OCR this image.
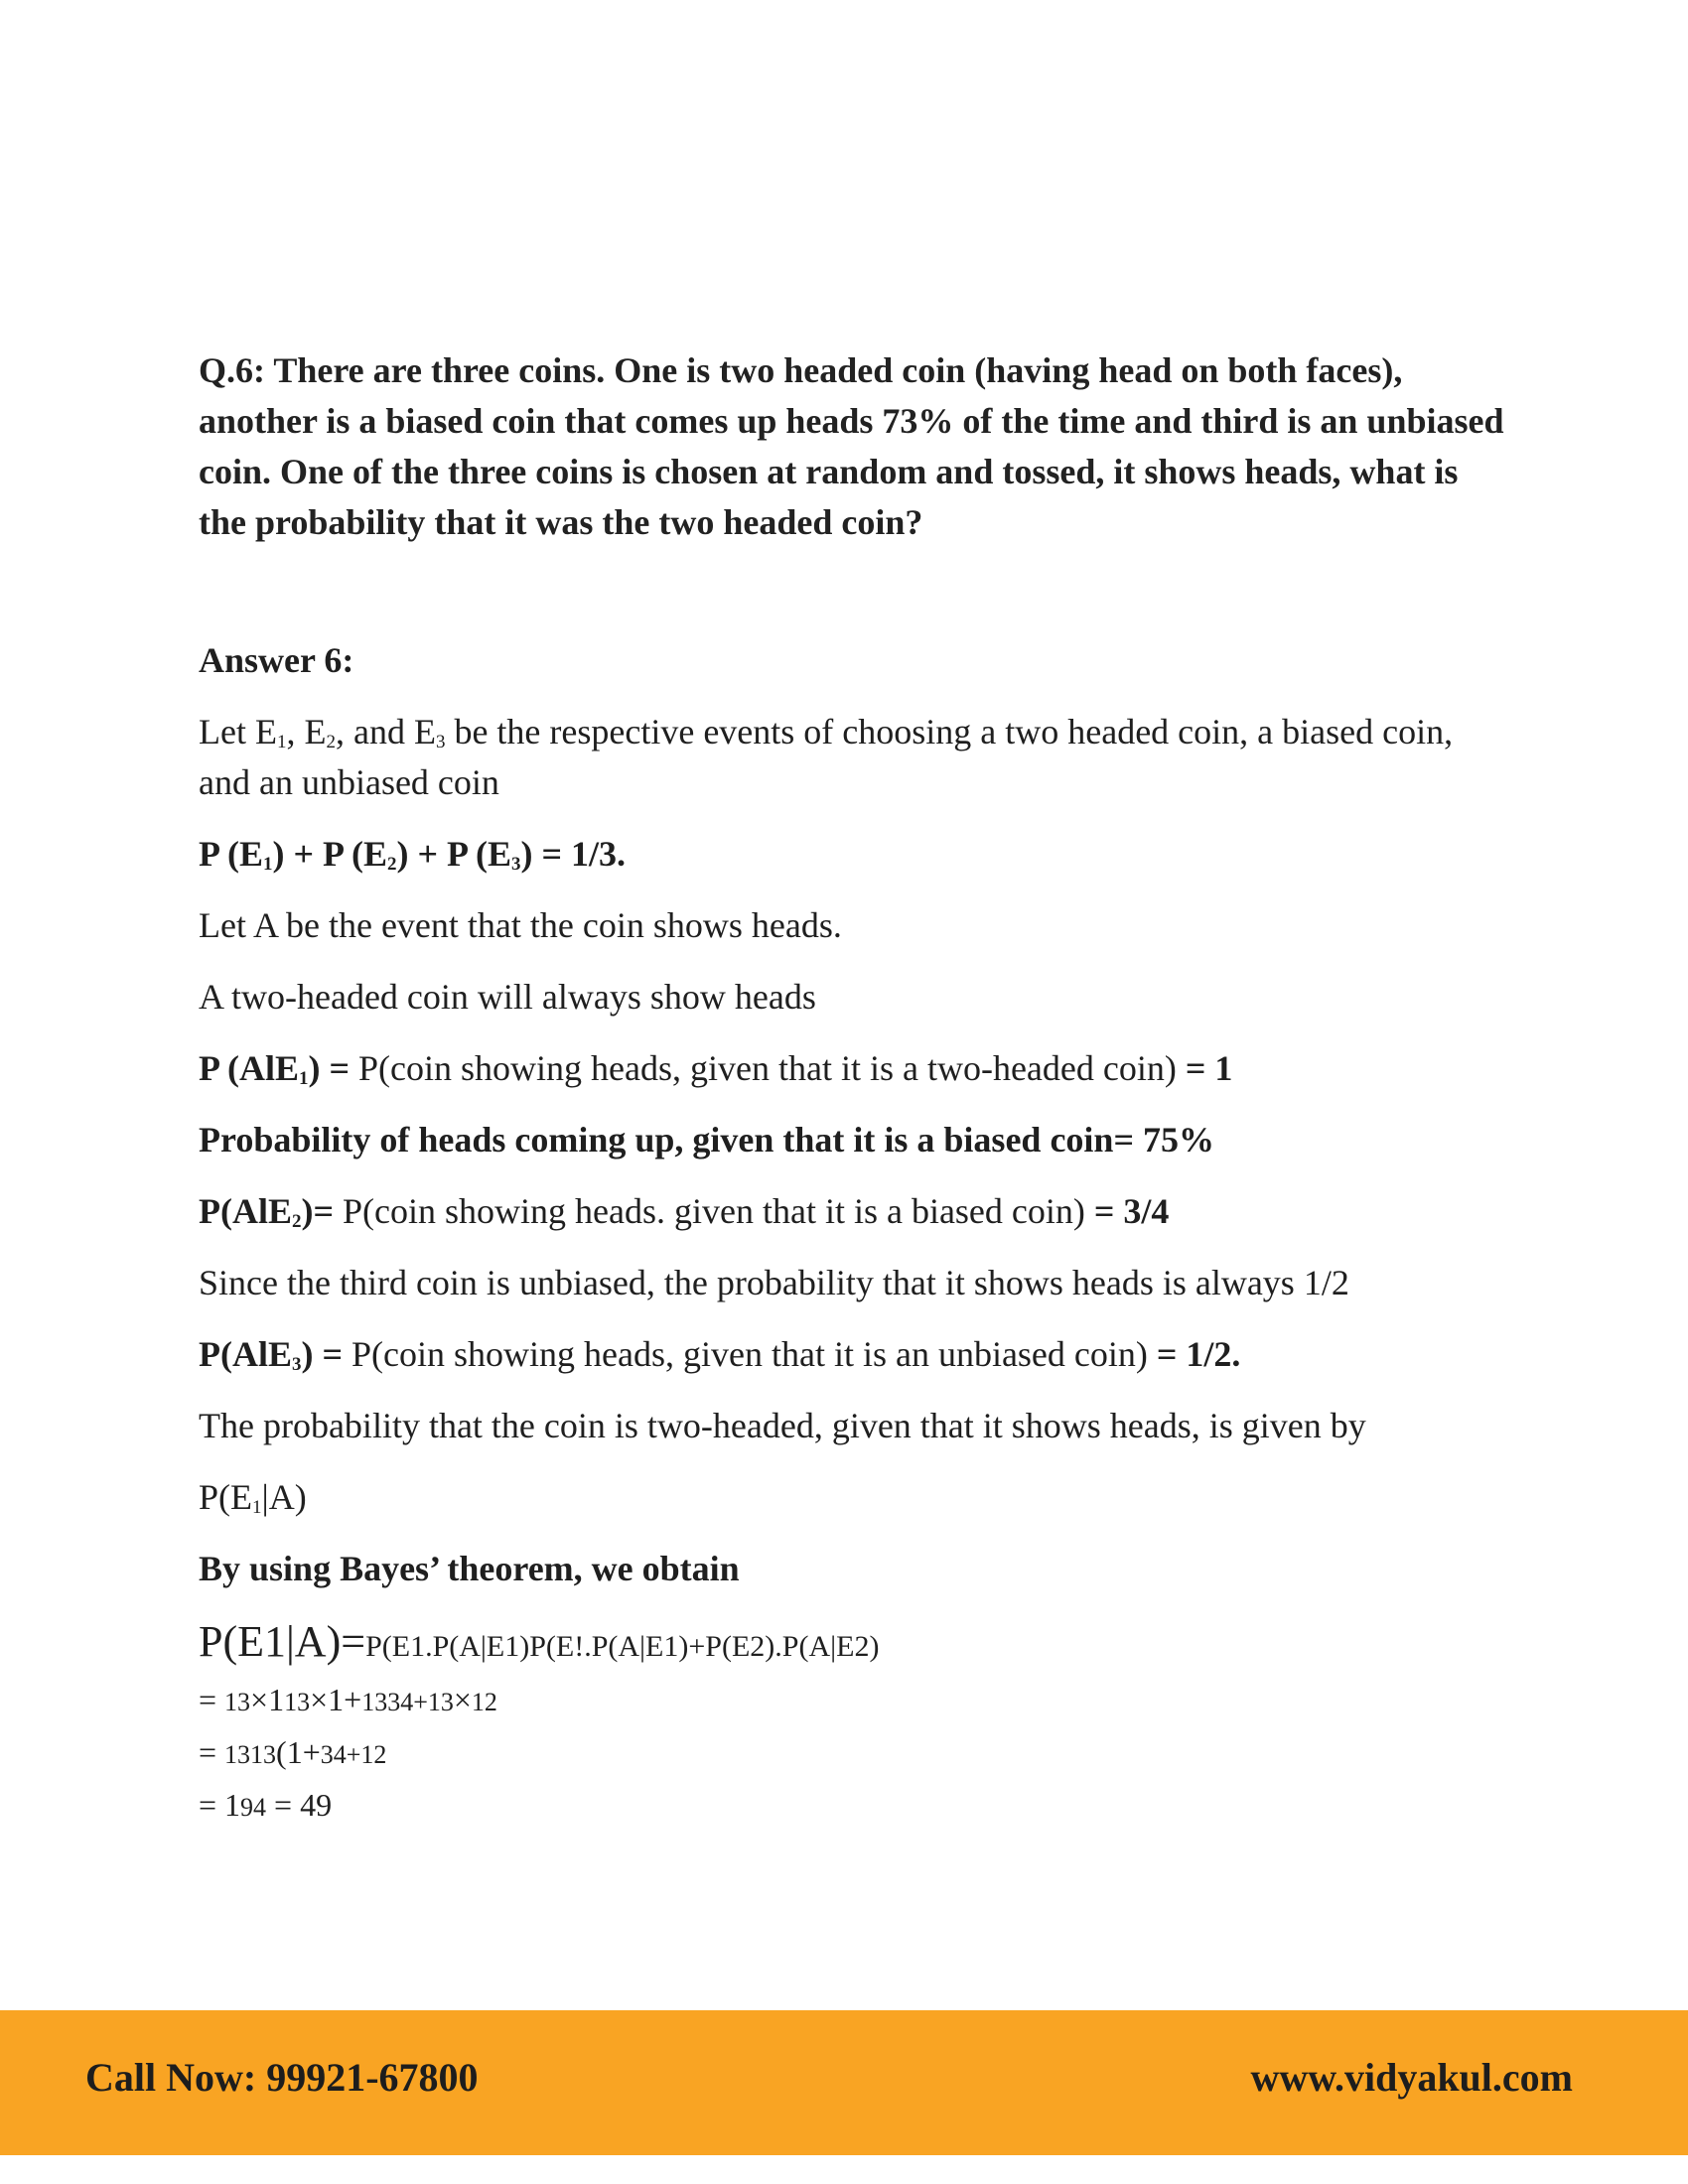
Q.6: There are three coins. One is two headed coin (having head on both faces), another is a biased coin that comes up heads 73% of the time and third is an unbiased coin. One of the three coins is chosen at random and tossed, it shows heads, what is the probability that it was the two headed coin?

Answer 6:

Let $E_1$, $E_2$, and $E_3$ be the respective events of choosing a two headed coin, a biased coin, and an unbiased coin

P $(E_1) + P$ $(E_2) + P$ $(E_3) = 1/3$.

Let A be the event that the coin shows heads.

A two-headed coin will always show heads

P (AlE$_1$) = P(coin showing heads, given that it is a two-headed coin) = 1

Probability of heads coming up, given that it is a biased coin= 75%

P(AlE$_2$)= P(coin showing heads. given that it is a biased coin) = 3/4

Since the third coin is unbiased, the probability that it shows heads is always 1/2

P(AlE$_3$) = P(coin showing heads, given that it is an unbiased coin) = 1/2.

The probability that the coin is two-headed, given that it shows heads, is given by

$P(E_1|A)$

By using Bayes’ theorem, we obtain

P(E1|A)=P(E1.P(A|E1)P(E!.P(A|E1)+P(E2).P(A|E2)
= 13×113×1+1334+13×12
= 1313(1+34+12
= 194 = 49
Call Now: 99921-67800	www.vidyakul.com
